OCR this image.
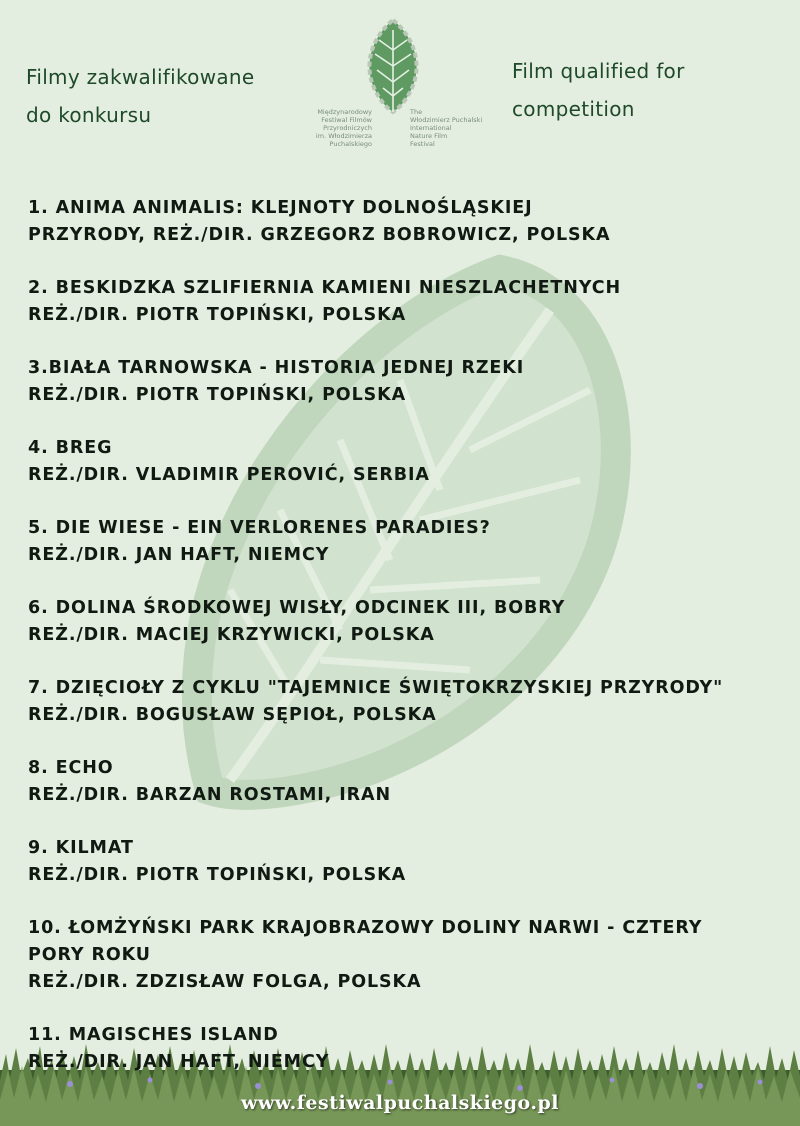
Filmy zakwalifikowane
do konkursu
Film qualified for
competition
Międzynarodowy
Festiwal Filmów
Przyrodniczych
im. Włodzimierza
Puchalskiego
The
Włodzimierz Puchalski
International
Nature Film
Festival
1. ANIMA ANIMALIS: KLEJNOTY DOLNOŚLĄSKIEJ
PRZYRODY, REŻ./DIR. GRZEGORZ BOBROWICZ, POLSKA
2. BESKIDZKA SZLIFIERNIA KAMIENI NIESZLACHETNYCH
REŻ./DIR. PIOTR TOPIŃSKI, POLSKA
3.BIAŁA TARNOWSKA - HISTORIA JEDNEJ RZEKI
REŻ./DIR. PIOTR TOPIŃSKI, POLSKA
4. BREG
REŻ./DIR. VLADIMIR PEROVIĆ, SERBIA
5. DIE WIESE - EIN VERLORENES PARADIES?
REŻ./DIR. JAN HAFT, NIEMCY
6. DOLINA ŚRODKOWEJ WISŁY, ODCINEK III, BOBRY
REŻ./DIR. MACIEJ KRZYWICKI, POLSKA
7. DZIĘCIOŁY Z CYKLU "TAJEMNICE ŚWIĘTOKRZYSKIEJ PRZYRODY"
REŻ./DIR. BOGUSŁAW SĘPIOŁ, POLSKA
8. ECHO
REŻ./DIR. BARZAN ROSTAMI, IRAN
9. KILMAT
REŻ./DIR. PIOTR TOPIŃSKI, POLSKA
10. ŁOMŻYŃSKI PARK KRAJOBRAZOWY DOLINY NARWI - CZTERY
PORY ROKU
REŻ./DIR. ZDZISŁAW FOLGA, POLSKA
11. MAGISCHES ISLAND
REŻ./DIR. JAN HAFT, NIEMCY
www.festiwalpuchalskiego.pl
